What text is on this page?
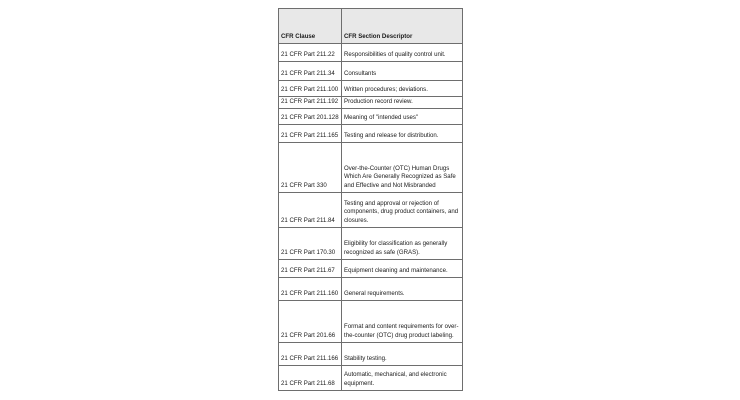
CFR Clause	CFR Section Descriptor
21 CFR Part 211.22	Responsibilities of quality control unit.
21 CFR Part 211.34	Consultants
21 CFR Part 211.100	Written procedures; deviations.
21 CFR Part 211.192	Production record review.
21 CFR Part 201.128	Meaning of "intended uses"
21 CFR Part 211.165	Testing and release for distribution.
21 CFR Part 330	Over-the-Counter (OTC) Human Drugs Which Are Generally Recognized as Safe and Effective and Not Misbranded
21 CFR Part 211.84	Testing and approval or rejection of components, drug product containers, and closures.
21 CFR Part 170.30	Eligibility for classification as generally recognized as safe (GRAS).
21 CFR Part 211.67	Equipment cleaning and maintenance.
21 CFR Part 211.160	General requirements.
21 CFR Part 201.66	Format and content requirements for over-the-counter (OTC) drug product labeling.
21 CFR Part 211.166	Stability testing.
21 CFR Part 211.68	Automatic, mechanical, and electronic equipment.
